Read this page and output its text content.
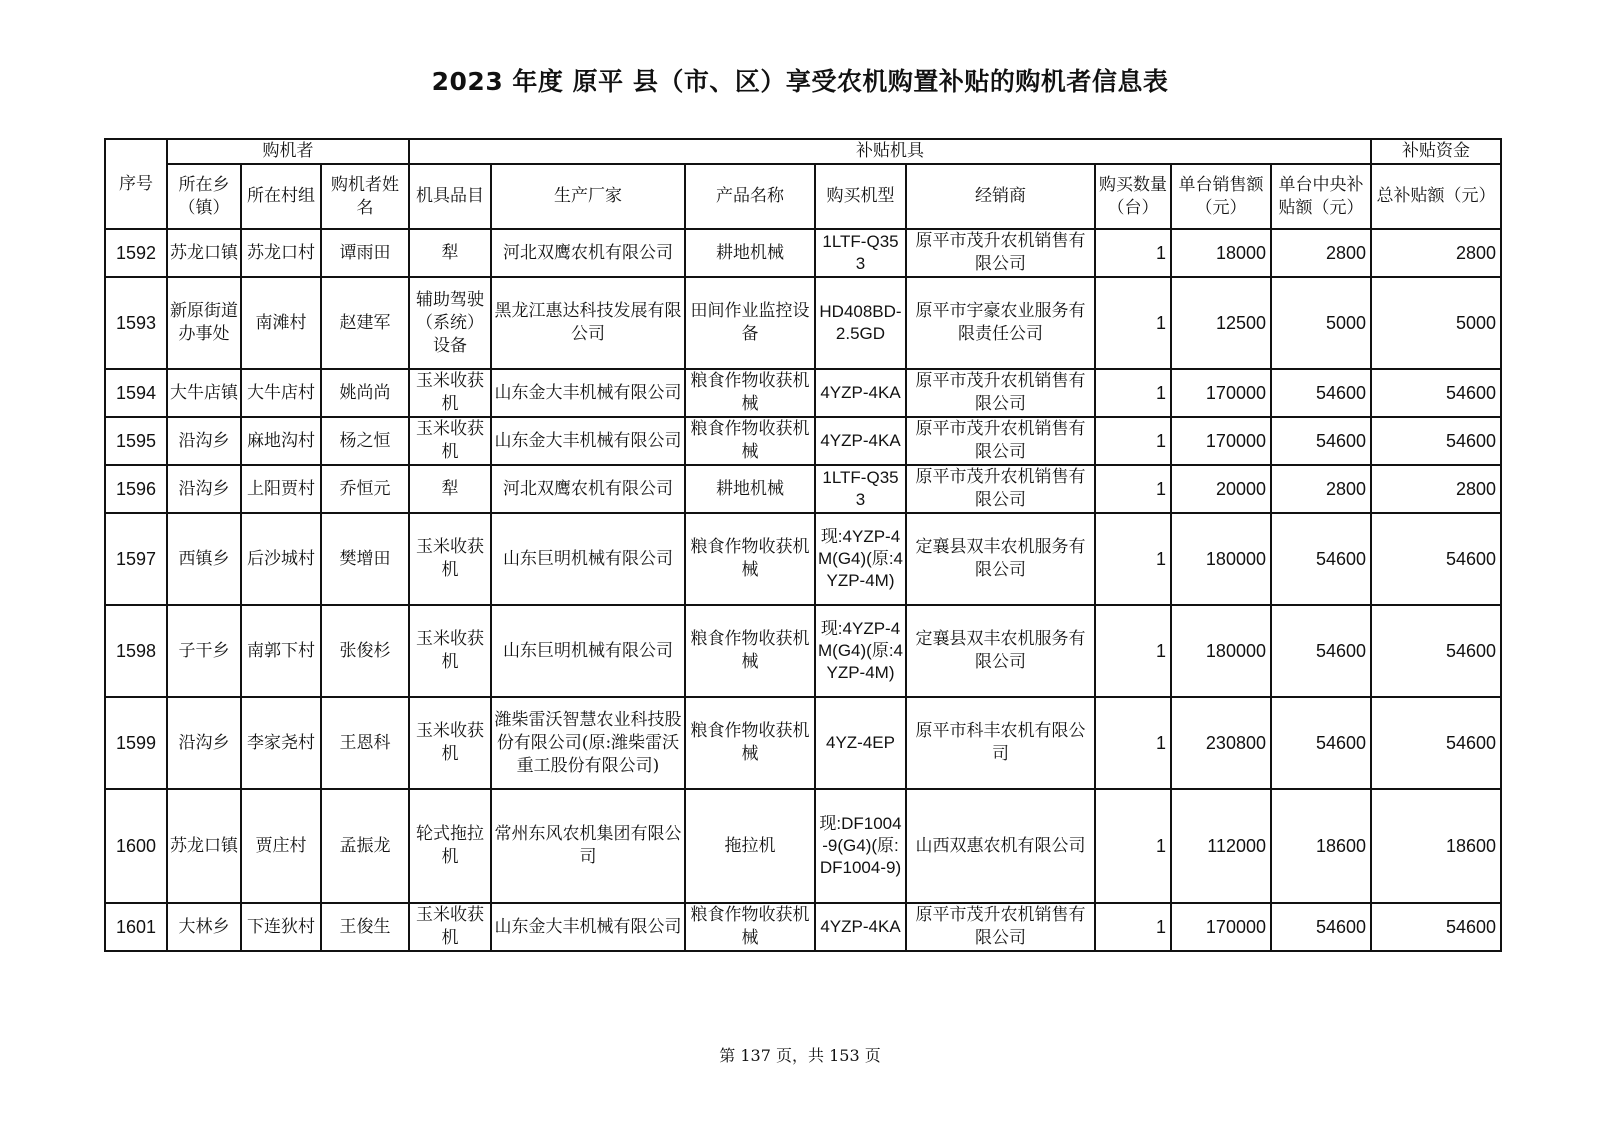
2023 年度 原平 县（市、区）享受农机购置补贴的购机者信息表
序号	购机者			补贴机具								补贴资金
	所在乡（镇）	所在村组	购机者姓名	机具品目	生产厂家	产品名称	购买机型	经销商	购买数量（台）	单台销售额（元）	单台中央补贴额（元）	总补贴额（元）
1592	苏龙口镇	苏龙口村	谭雨田	犁	河北双鹰农机有限公司	耕地机械	1LTF-Q353	原平市茂升农机销售有限公司	1	18000	2800	2800
1593	新原街道办事处	南滩村	赵建军	辅助驾驶（系统）设备	黑龙江惠达科技发展有限公司	田间作业监控设备	HD408BD-2.5GD	原平市宇豪农业服务有限责任公司	1	12500	5000	5000
1594	大牛店镇	大牛店村	姚尚尚	玉米收获机	山东金大丰机械有限公司	粮食作物收获机械	4YZP-4KA	原平市茂升农机销售有限公司	1	170000	54600	54600
1595	沿沟乡	麻地沟村	杨之恒	玉米收获机	山东金大丰机械有限公司	粮食作物收获机械	4YZP-4KA	原平市茂升农机销售有限公司	1	170000	54600	54600
1596	沿沟乡	上阳贾村	乔恒元	犁	河北双鹰农机有限公司	耕地机械	1LTF-Q353	原平市茂升农机销售有限公司	1	20000	2800	2800
1597	西镇乡	后沙城村	樊增田	玉米收获机	山东巨明机械有限公司	粮食作物收获机械	现:4YZP-4M(G4)(原:4YZP-4M)	定襄县双丰农机服务有限公司	1	180000	54600	54600
1598	子干乡	南郭下村	张俊杉	玉米收获机	山东巨明机械有限公司	粮食作物收获机械	现:4YZP-4M(G4)(原:4YZP-4M)	定襄县双丰农机服务有限公司	1	180000	54600	54600
1599	沿沟乡	李家尧村	王恩科	玉米收获机	潍柴雷沃智慧农业科技股份有限公司(原:潍柴雷沃重工股份有限公司)	粮食作物收获机械	4YZ-4EP	原平市科丰农机有限公司	1	230800	54600	54600
1600	苏龙口镇	贾庄村	孟振龙	轮式拖拉机	常州东风农机集团有限公司	拖拉机	现:DF1004-9(G4)(原:DF1004-9)	山西双惠农机有限公司	1	112000	18600	18600
1601	大林乡	下连狄村	王俊生	玉米收获机	山东金大丰机械有限公司	粮食作物收获机械	4YZP-4KA	原平市茂升农机销售有限公司	1	170000	54600	54600
第 137 页，共 153 页
